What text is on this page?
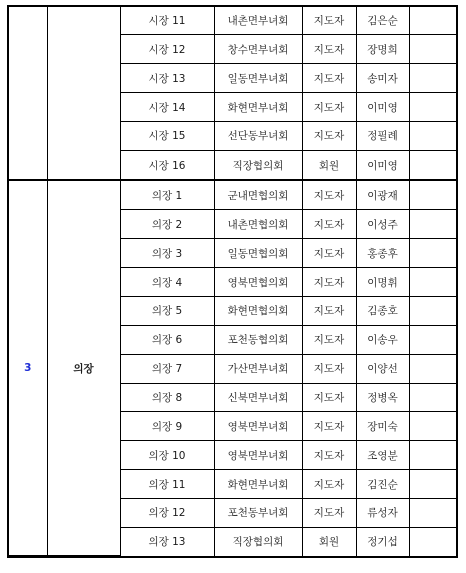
		시장 11	내촌면부녀회	지도자	김은순	
		시장 12	창수면부녀회	지도자	장명희	
		시장 13	일동면부녀회	지도자	송미자	
		시장 14	화현면부녀회	지도자	이미영	
		시장 15	선단동부녀회	지도자	정필례	
		시장 16	직장협의회	회원	이미영	
3	의장	의장 1	군내면협의회	지도자	이광재	
		의장 2	내촌면협의회	지도자	이성주	
		의장 3	일동면협의회	지도자	홍종후	
		의장 4	영북면협의회	지도자	이명휘	
		의장 5	화현면협의회	지도자	김종호	
		의장 6	포천동협의회	지도자	이송우	
		의장 7	가산면부녀회	지도자	이양선	
		의장 8	신북면부녀회	지도자	정병옥	
		의장 9	영북면부녀회	지도자	장미숙	
		의장 10	영북면부녀회	지도자	조영분	
		의장 11	화현면부녀회	지도자	김진순	
		의장 12	포천동부녀회	지도자	류성자	
		의장 13	직장협의회	회원	정기섭	
